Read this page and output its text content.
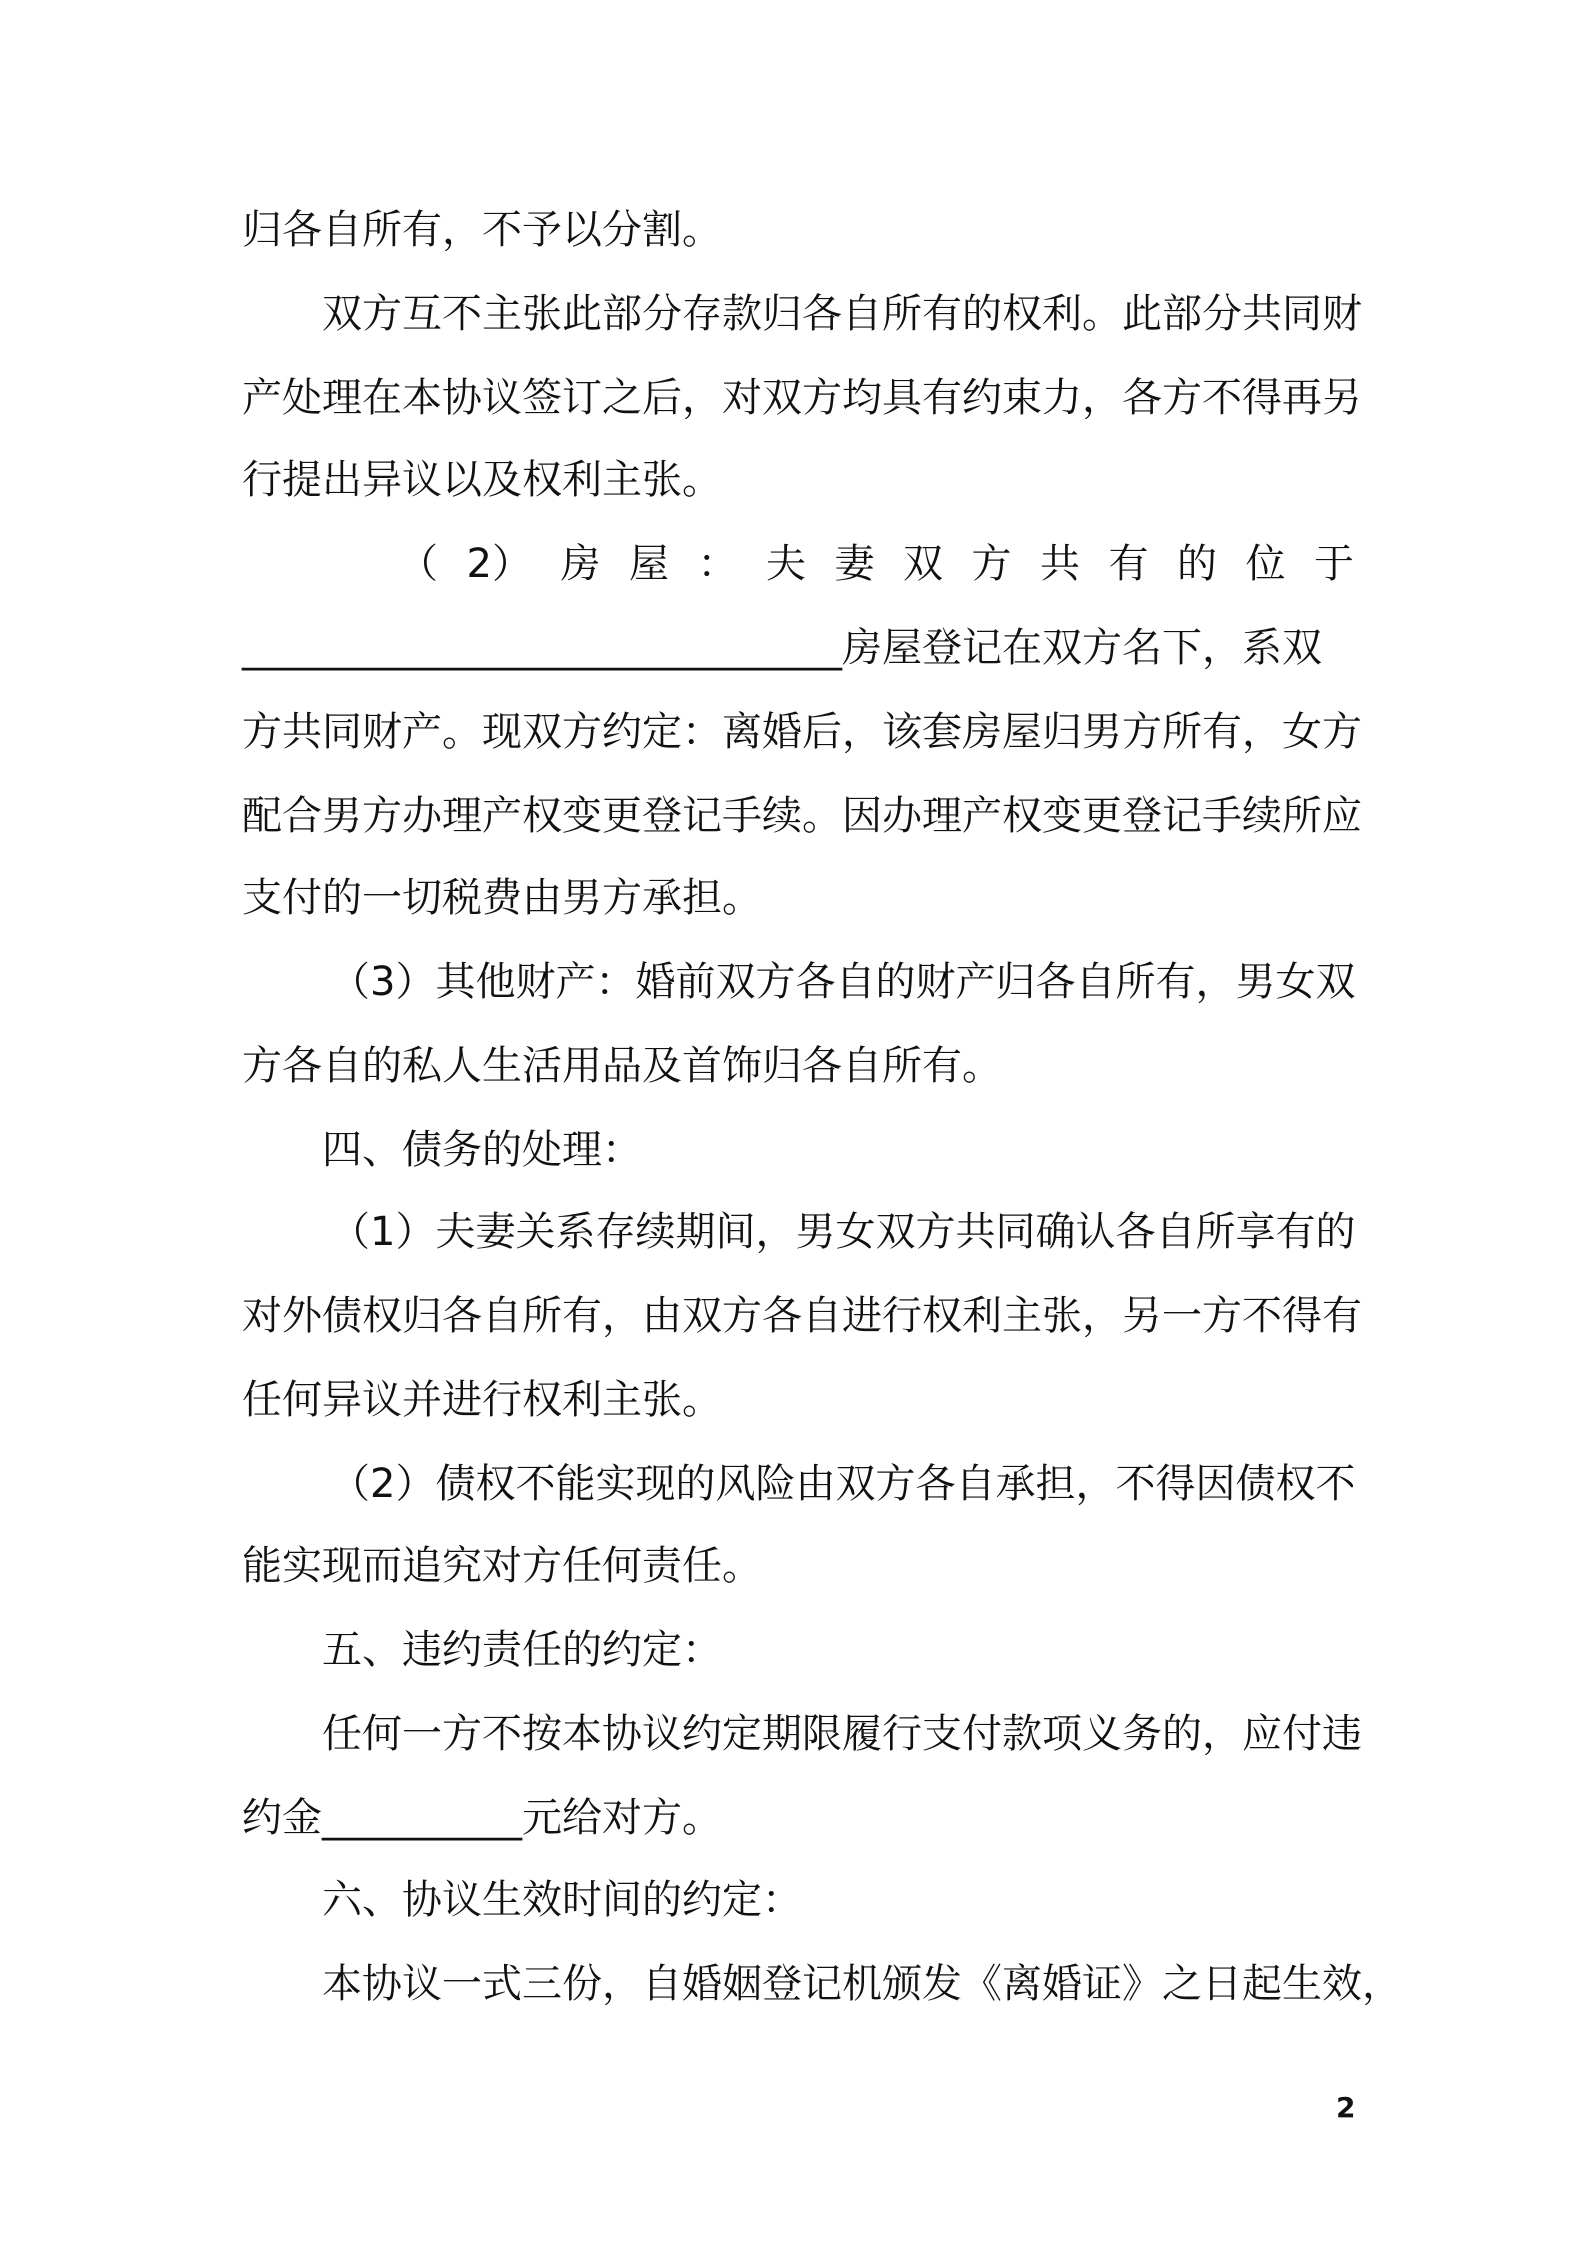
归各自所有，不予以分割。
双方互不主张此部分存款归各自所有的权利。此部分共同财
产处理在本协议签订之后，对双方均具有约束力，各方不得再另
行提出异议以及权利主张。
（ 2） 房 屋 ： 夫 妻 双 方 共 有 的 位 于
______________________________房屋登记在双方名下，系双
方共同财产。现双方约定：离婚后，该套房屋归男方所有，女方
配合男方办理产权变更登记手续。因办理产权变更登记手续所应
支付的一切税费由男方承担。
（3）其他财产：婚前双方各自的财产归各自所有，男女双
方各自的私人生活用品及首饰归各自所有。
四、债务的处理：
（1）夫妻关系存续期间，男女双方共同确认各自所享有的
对外债权归各自所有，由双方各自进行权利主张，另一方不得有
任何异议并进行权利主张。
（2）债权不能实现的风险由双方各自承担，不得因债权不
能实现而追究对方任何责任。
五、违约责任的约定：
任何一方不按本协议约定期限履行支付款项义务的，应付违
约金__________元给对方。
六、协议生效时间的约定：
本协议一式三份，自婚姻登记机颁发《离婚证》之日起生效，
2
